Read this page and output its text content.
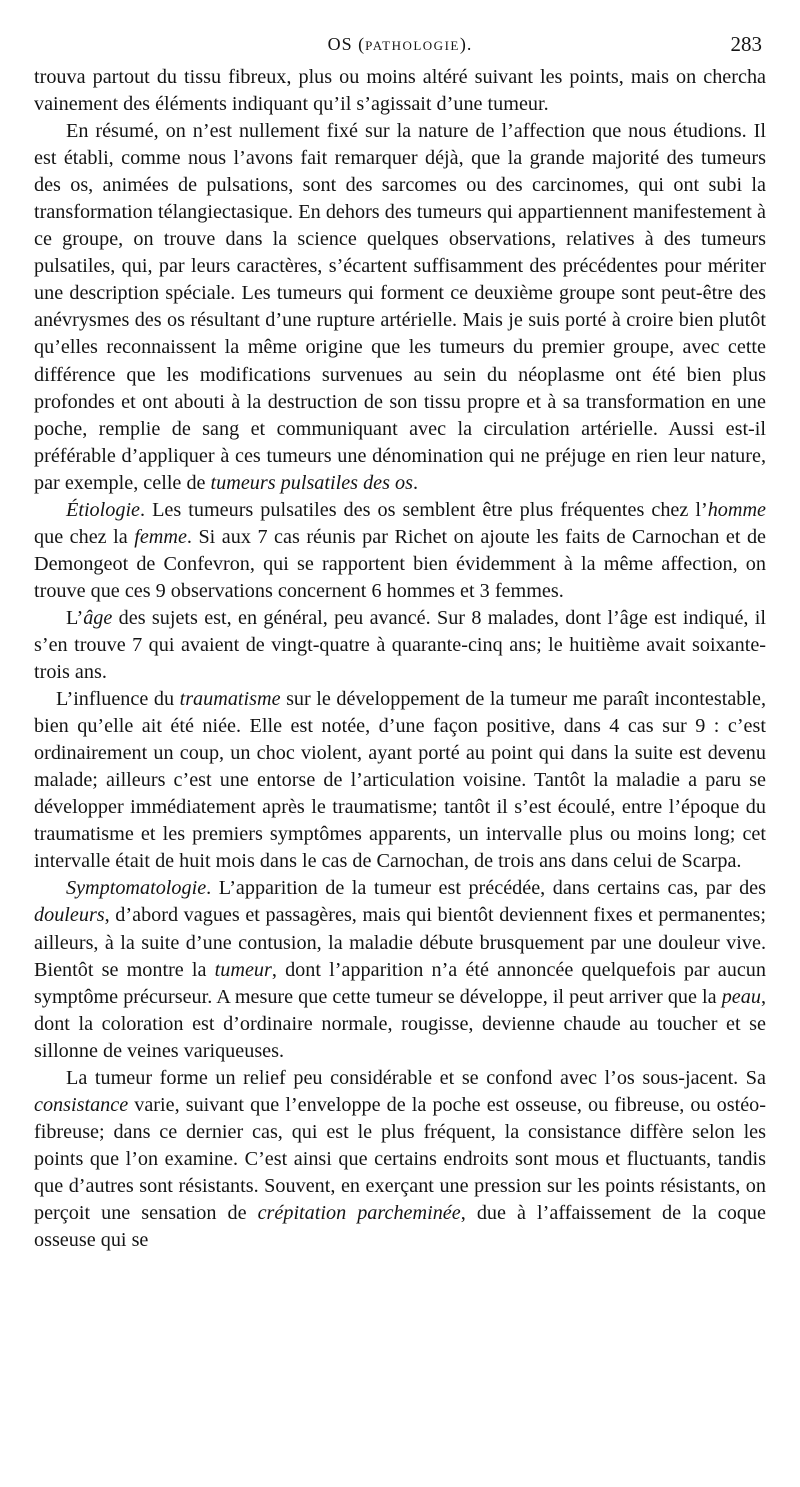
OS (PATHOLOGIE).	283

trouva partout du tissu fibreux, plus ou moins altéré suivant les points, mais on chercha vainement des éléments indiquant qu’il s’agissait d’une tumeur.

En résumé, on n’est nullement fixé sur la nature de l’affection que nous étudions. Il est établi, comme nous l’avons fait remarquer déjà, que la grande majorité des tumeurs des os, animées de pulsations, sont des sarcomes ou des carcinomes, qui ont subi la transformation télangiectasique. En dehors des tumeurs qui appartiennent manifestement à ce groupe, on trouve dans la science quelques observations, relatives à des tumeurs pulsatiles, qui, par leurs caractères, s’écartent suffisamment des précédentes pour mériter une description spéciale. Les tumeurs qui forment ce deuxième groupe sont peut-être des anévrysmes des os résultant d’une rupture artérielle. Mais je suis porté à croire bien plutôt qu’elles reconnaissent la même origine que les tumeurs du premier groupe, avec cette différence que les modifications survenues au sein du néoplasme ont été bien plus profondes et ont abouti à la destruction de son tissu propre et à sa transformation en une poche, remplie de sang et communiquant avec la circulation artérielle. Aussi est-il préférable d’appliquer à ces tumeurs une dénomination qui ne préjuge en rien leur nature, par exemple, celle de tumeurs pulsatiles des os.

Étiologie. Les tumeurs pulsatiles des os semblent être plus fréquentes chez l’homme que chez la femme. Si aux 7 cas réunis par Richet on ajoute les faits de Carnochan et de Demongeot de Confevron, qui se rapportent bien évidemment à la même affection, on trouve que ces 9 observations concernent 6 hommes et 3 femmes.

L’âge des sujets est, en général, peu avancé. Sur 8 malades, dont l’âge est indiqué, il s’en trouve 7 qui avaient de vingt-quatre à quarante-cinq ans; le huitième avait soixante-trois ans.

L’influence du traumatisme sur le développement de la tumeur me paraît incontestable, bien qu’elle ait été niée. Elle est notée, d’une façon positive, dans 4 cas sur 9 : c’est ordinairement un coup, un choc violent, ayant porté au point qui dans la suite est devenu malade; ailleurs c’est une entorse de l’articulation voisine. Tantôt la maladie a paru se développer immédiatement après le traumatisme; tantôt il s’est écoulé, entre l’époque du traumatisme et les premiers symptômes apparents, un intervalle plus ou moins long; cet intervalle était de huit mois dans le cas de Carnochan, de trois ans dans celui de Scarpa.

Symptomatologie. L’apparition de la tumeur est précédée, dans certains cas, par des douleurs, d’abord vagues et passagères, mais qui bientôt deviennent fixes et permanentes; ailleurs, à la suite d’une contusion, la maladie débute brusquement par une douleur vive. Bientôt se montre la tumeur, dont l’apparition n’a été annoncée quelquefois par aucun symptôme précurseur. A mesure que cette tumeur se développe, il peut arriver que la peau, dont la coloration est d’ordinaire normale, rougisse, devienne chaude au toucher et se sillonne de veines variqueuses.

La tumeur forme un relief peu considérable et se confond avec l’os sous-jacent. Sa consistance varie, suivant que l’enveloppe de la poche est osseuse, ou fibreuse, ou ostéo-fibreuse; dans ce dernier cas, qui est le plus fréquent, la consistance diffère selon les points que l’on examine. C’est ainsi que certains endroits sont mous et fluctuants, tandis que d’autres sont résistants. Souvent, en exerçant une pression sur les points résistants, on perçoit une sensation de crépitation parcheminée, due à l’affaissement de la coque osseuse qui se
